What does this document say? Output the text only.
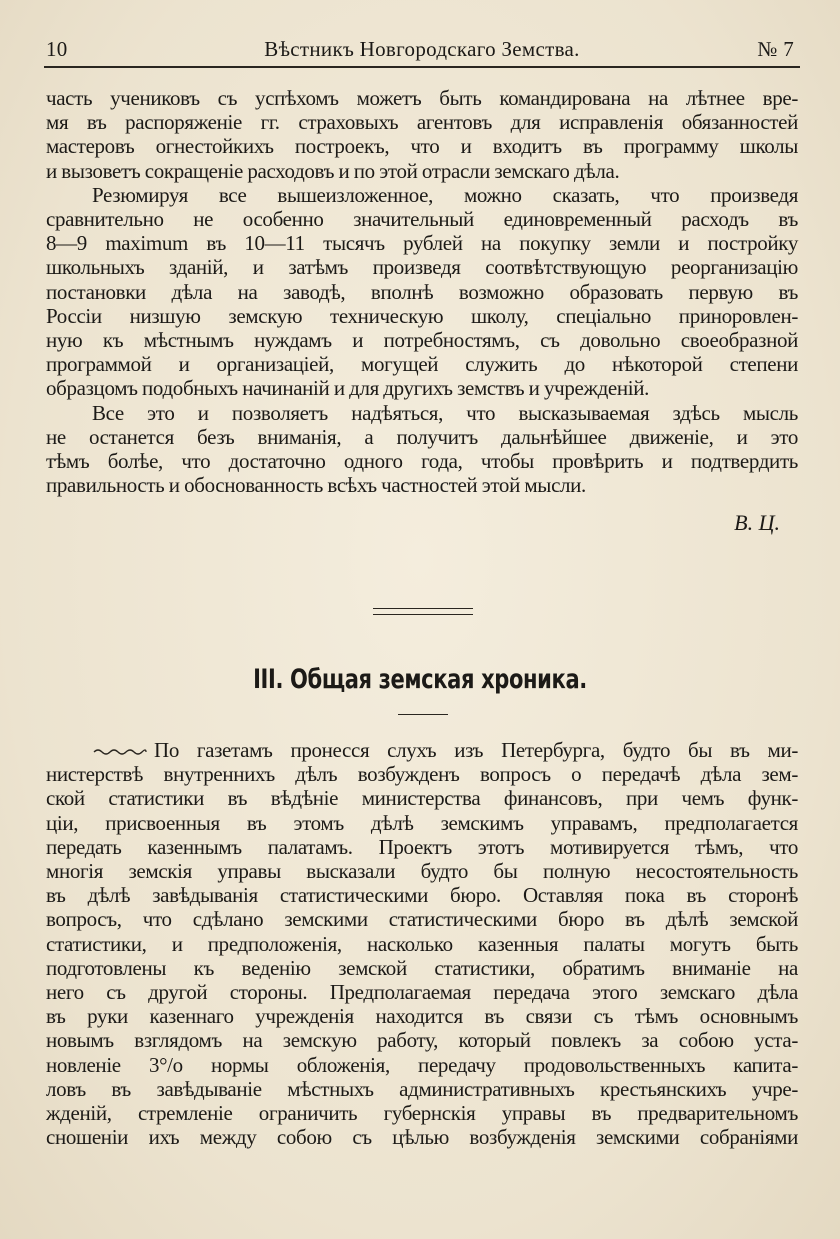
10	Вѣстникъ Новгородскаго Земства.	№ 7

часть учениковъ съ успѣхомъ можетъ быть командирована на лѣтнее вре-

мя въ распоряженіе гг. страховыхъ агентовъ для исправленія обязанностей

мастеровъ огнестойкихъ построекъ, что и входитъ въ программу школы

и вызоветъ сокращеніе расходовъ и по этой отрасли земскаго дѣла.

Резюмируя все вышеизложенное, можно сказать, что произведя

сравнительно не особенно значительный единовременный расходъ въ

8—9 maximum въ 10—11 тысячъ рублей на покупку земли и постройку

школьныхъ зданій, и затѣмъ произведя соотвѣтствующую реорганизацію

постановки дѣла на заводѣ, вполнѣ возможно образовать первую въ

Россіи низшую земскую техническую школу, спеціально приноровлен-

ную къ мѣстнымъ нуждамъ и потребностямъ, съ довольно своеобразной

программой и организацiей, могущей служить до нѣкоторой степени

образцомъ подобныхъ начинаній и для другихъ земствъ и учрежденій.

Все это и позволяетъ надѣяться, что высказываемая здѣсь мысль

не останется безъ вниманія, а получитъ дальнѣйшее движеніе, и это

тѣмъ болѣе, что достаточно одного года, чтобы провѣрить и подтвердить

правильность и обоснованность всѣхъ частностей этой мысли.

В. Ц.
III. Общая земская хроника.

По газетамъ пронесся слухъ изъ Петербурга, будто бы въ ми-

нистерствѣ внутреннихъ дѣлъ возбужденъ вопросъ о передачѣ дѣла зем-

ской статистики въ вѣдѣніе министерства финансовъ, при чемъ функ-

ціи, присвоенныя въ этомъ дѣлѣ земскимъ управамъ, предполагается

передать казеннымъ палатамъ. Проектъ этотъ мотивируется тѣмъ, что

многія земскія управы высказали будто бы полную несостоятельность

въ дѣлѣ завѣдыванія статистическими бюро. Оставляя пока въ сторонѣ

вопросъ, что сдѣлано земскими статистическими бюро въ дѣлѣ земской

статистики, и предположенія, насколько казенныя палаты могутъ быть

подготовлены къ веденію земской статистики, обратимъ вниманіе на

него съ другой стороны. Предполагаемая передача этого земскаго дѣла

въ руки казеннаго учрежденія находится въ связи съ тѣмъ основнымъ

новымъ взглядомъ на земскую работу, который повлекъ за собою уста-

новленіе 3°/о нормы обложенія, передачу продовольственныхъ капита-

ловъ въ завѣдываніе мѣстныхъ административныхъ крестьянскихъ учре-

жденій, стремленіе ограничить губернскія управы въ предварительномъ

сношеніи ихъ между собою съ цѣлью возбужденія земскими собраніями
